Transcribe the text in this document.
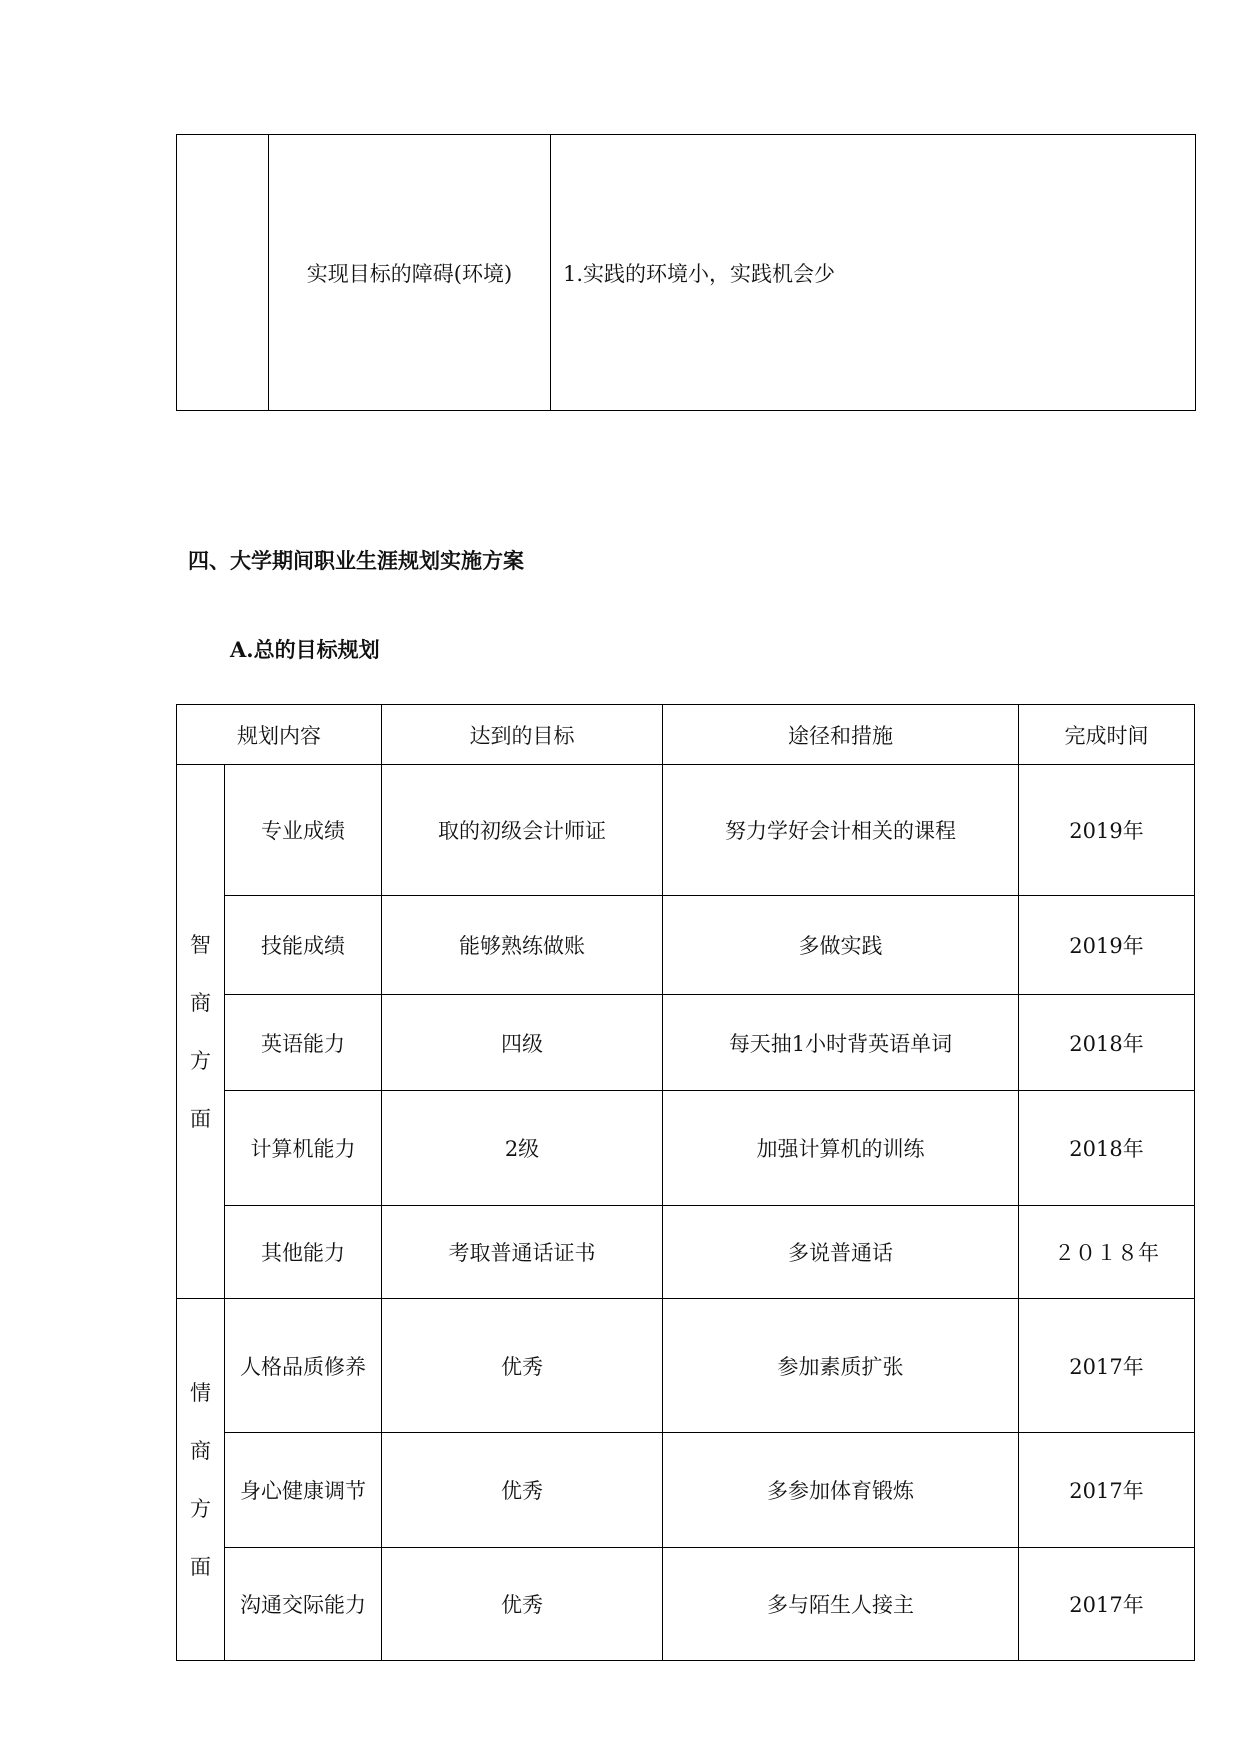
	实现目标的障碍(环境)	1.实践的环境小，实践机会少
四、大学期间职业生涯规划实施方案
A.总的目标规划
规划内容		达到的目标	途径和措施	完成时间

智
商
方
面	专业成绩	取的初级会计师证	努力学好会计相关的课程	2019年
	技能成绩	能够熟练做账	多做实践	2019年
	英语能力	四级	每天抽1小时背英语单词	2018年
	计算机能力	2级	加强计算机的训练	2018年
	其他能力	考取普通话证书	多说普通话	２０１８年

情
商
方
面	人格品质修养	优秀	参加素质扩张	2017年
	身心健康调节	优秀	多参加体育锻炼	2017年
	沟通交际能力	优秀	多与陌生人接主	2017年
